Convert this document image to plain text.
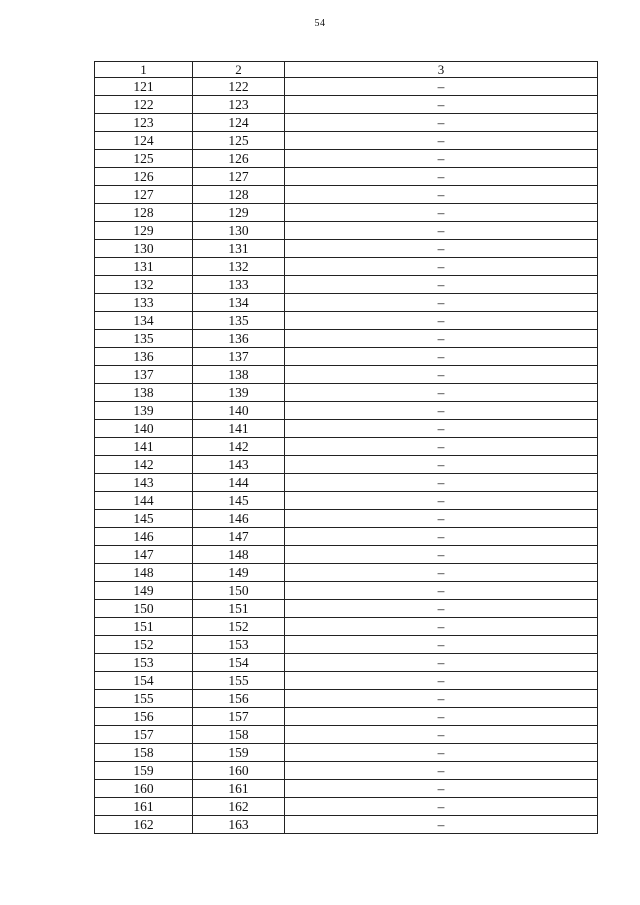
54
1	2	3
121	122	–
122	123	–
123	124	–
124	125	–
125	126	–
126	127	–
127	128	–
128	129	–
129	130	–
130	131	–
131	132	–
132	133	–
133	134	–
134	135	–
135	136	–
136	137	–
137	138	–
138	139	–
139	140	–
140	141	–
141	142	–
142	143	–
143	144	–
144	145	–
145	146	–
146	147	–
147	148	–
148	149	–
149	150	–
150	151	–
151	152	–
152	153	–
153	154	–
154	155	–
155	156	–
156	157	–
157	158	–
158	159	–
159	160	–
160	161	–
161	162	–
162	163	–
